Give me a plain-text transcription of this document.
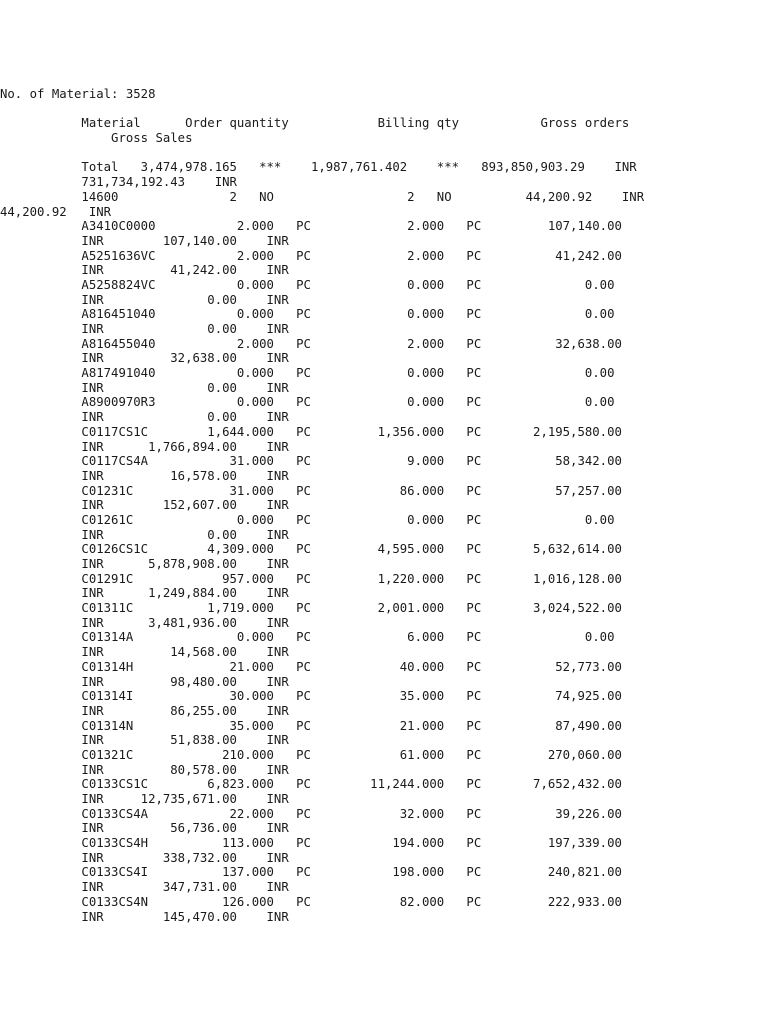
No. of Material: 3528
Material      Order quantity            Billing qty           Gross orders
Gross Sales
Total   3,474,978.165   ***    1,987,761.402    ***   893,850,903.29    INR
731,734,192.43    INR
14600               2   NO                  2   NO          44,200.92    INR
44,200.92   INR
A3410C0000           2.000   PC             2.000   PC         107,140.00
INR        107,140.00    INR
A5251636VC           2.000   PC             2.000   PC          41,242.00
INR         41,242.00    INR
A5258824VC           0.000   PC             0.000   PC              0.00
INR              0.00    INR
A816451040           0.000   PC             0.000   PC              0.00
INR              0.00    INR
A816455040           2.000   PC             2.000   PC          32,638.00
INR         32,638.00    INR
A817491040           0.000   PC             0.000   PC              0.00
INR              0.00    INR
A8900970R3           0.000   PC             0.000   PC              0.00
INR              0.00    INR
C0117CS1C        1,644.000   PC         1,356.000   PC       2,195,580.00
INR      1,766,894.00    INR
C0117CS4A           31.000   PC             9.000   PC          58,342.00
INR         16,578.00    INR
C01231C             31.000   PC            86.000   PC          57,257.00
INR        152,607.00    INR
C01261C              0.000   PC             0.000   PC              0.00
INR              0.00    INR
C0126CS1C        4,309.000   PC         4,595.000   PC       5,632,614.00
INR      5,878,908.00    INR
C01291C            957.000   PC         1,220.000   PC       1,016,128.00
INR      1,249,884.00    INR
C01311C          1,719.000   PC         2,001.000   PC       3,024,522.00
INR      3,481,936.00    INR
C01314A              0.000   PC             6.000   PC              0.00
INR         14,568.00    INR
C01314H             21.000   PC            40.000   PC          52,773.00
INR         98,480.00    INR
C01314I             30.000   PC            35.000   PC          74,925.00
INR         86,255.00    INR
C01314N             35.000   PC            21.000   PC          87,490.00
INR         51,838.00    INR
C01321C            210.000   PC            61.000   PC         270,060.00
INR         80,578.00    INR
C0133CS1C        6,823.000   PC        11,244.000   PC       7,652,432.00
INR     12,735,671.00    INR
C0133CS4A           22.000   PC            32.000   PC          39,226.00
INR         56,736.00    INR
C0133CS4H          113.000   PC           194.000   PC         197,339.00
INR        338,732.00    INR
C0133CS4I          137.000   PC           198.000   PC         240,821.00
INR        347,731.00    INR
C0133CS4N          126.000   PC            82.000   PC         222,933.00
INR        145,470.00    INR
